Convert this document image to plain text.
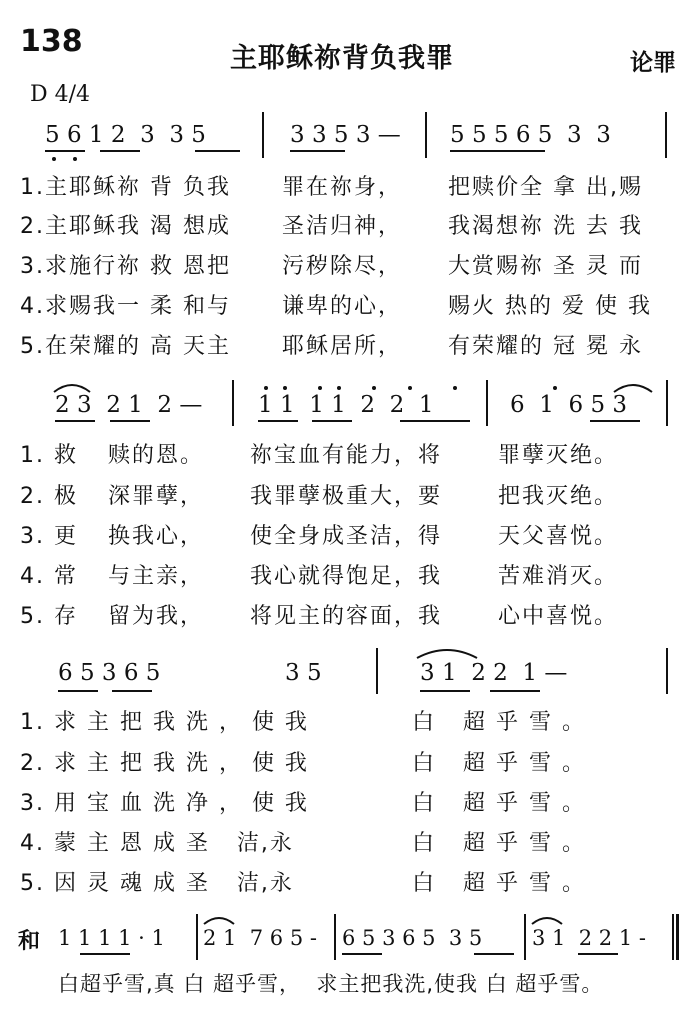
138	主耶稣祢背负我罪	论罪
D 4/4
5 6 1 2  3  3 5	3 3 5 3 — 5 5 5 6 5  3  3
1.主耶稣祢 背 负我 罪在祢身， 把赎价全 拿 出,赐
2.主耶稣我 渴 想成 圣洁归神， 我渴想祢 洗 去 我
3.求施行祢 救 恩把 污秽除尽， 大赏赐祢 圣 灵 而
4.求赐我一 柔 和与 谦卑的心， 赐火 热的 爱 使 我
5.在荣耀的 高 天主 耶稣居所， 有荣耀的 冠 冕 永
2 3  2 1  2 — 1 1  1 1  2  2  1	6  1  6 5 3
1. 救 赎的恩。 祢宝血有能力，将	罪孽灭绝。
2. 极 深罪孽， 我罪孽极重大，要	把我灭绝。
3. 更 换我心， 使全身成圣洁，得	天父喜悦。
4. 常 与主亲， 我心就得饱足，我	苦难消灭。
5. 存 留为我， 将见主的容面，我	心中喜悦。
6 5 3 6 5	3 5	3 1  2 2  1 —
1. 求 主 把 我 洗 ， 使 我	白   超 乎 雪 。
2. 求 主 把 我 洗 ， 使 我	白   超 乎 雪 。
3. 用 宝 血 洗 净 ， 使 我	白   超 乎 雪 。
4. 蒙 主 恩 成 圣   洁,永	白   超 乎 雪 。
5. 因 灵 魂 成 圣   洁,永	白   超 乎 雪 。
和 1 1 1 1 · 1 2 1  7 6 5 - 6 5 3 6 5  3 5 3 1  2 2 1 -
白超乎雪,真 白 超乎雪，  求主把我洗,使我 白 超乎雪。
